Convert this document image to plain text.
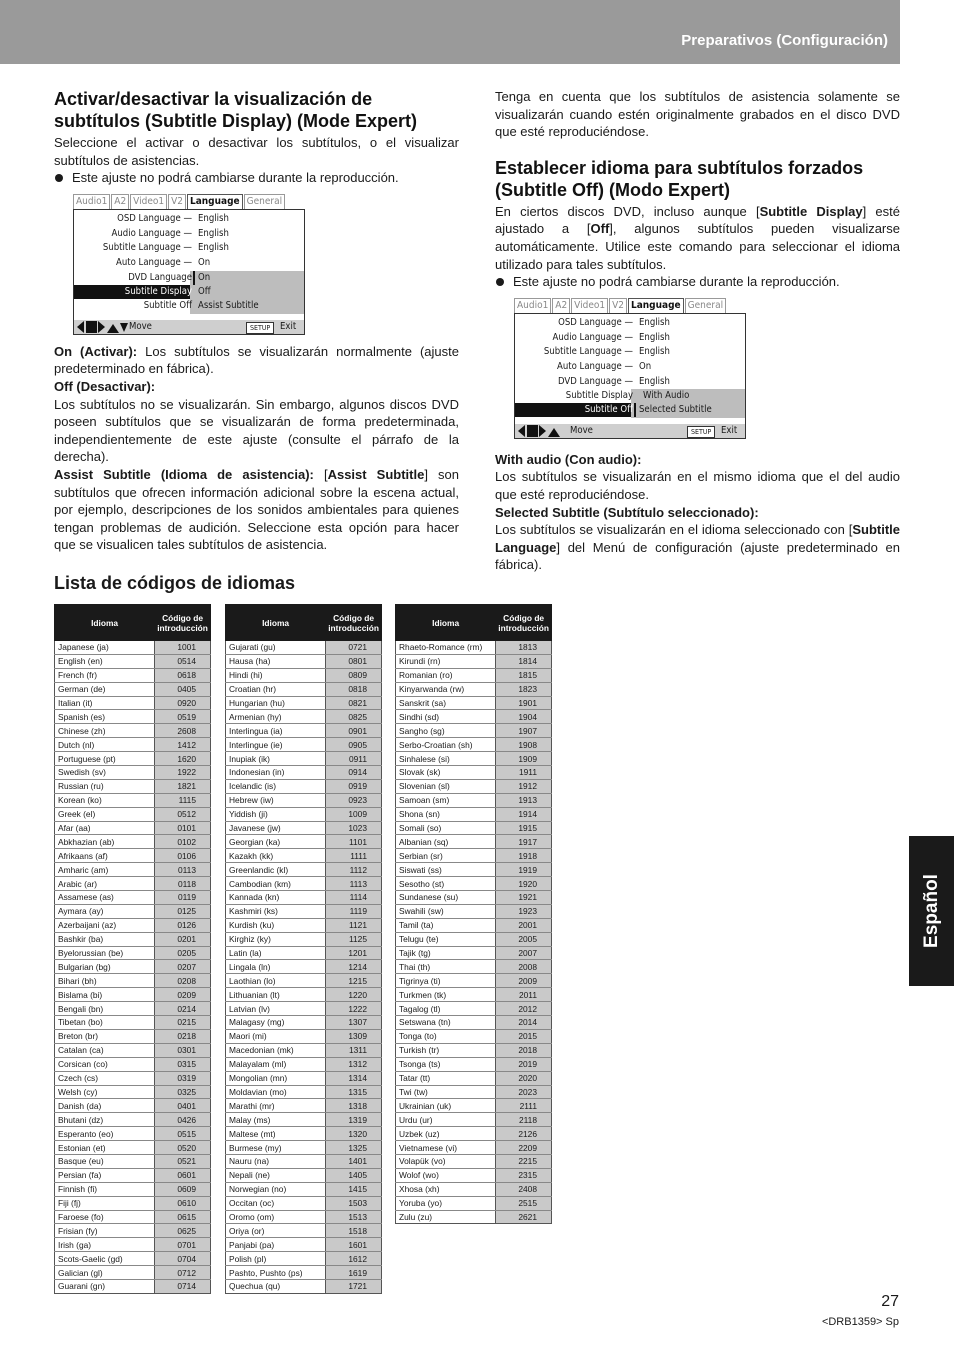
Preparativos (Configuración)
Español
Activar/desactivar la visualización de subtítulos (Subtitle Display) (Mode Expert)

Seleccione el activar o desactivar los subtítulos, o el visualizar subtítulos de asistencias.

Este ajuste no podrá cambiarse durante la reproducción.
Audio1 A2 Video1 V2 Language General
OSD Language — English
Audio Language — English
Subtitle Language — English
Auto Language — On
DVD Language On
Subtitle Display Off
Subtitle Off Assist Subtitle
Move	SETUP	Exit

On (Activar): Los subtítulos se visualizarán normalmente (ajuste predeterminado en fábrica).

Off (Desactivar):

Los subtítulos no se visualizarán. Sin embargo, algunos discos DVD poseen subtítulos que se visualizarán de forma predeterminada, independientemente de este ajuste (consulte el párrafo de la derecha).

Assist Subtitle (Idioma de asistencia): [Assist Subtitle] son subtítulos que ofrecen información adicional sobre la escena actual, por ejemplo, descripciones de los sonidos ambientales para quienes tengan problemas de audición. Seleccione esta opción para hacer que se visualicen tales subtítulos de asistencia.

Tenga en cuenta que los subtítulos de asistencia solamente se visualizarán cuando estén originalmente grabados en el disco DVD que esté reproduciéndose.

Establecer idioma para subtítulos forzados (Subtitle Off) (Modo Expert)

En ciertos discos DVD, incluso aunque [Subtitle Display] esté ajustado a [Off], algunos subtítulos pueden visualizarse automáticamente. Utilice este comando para seleccionar el idioma utilizado para tales subtítulos.

Este ajuste no podrá cambiarse durante la reproducción.
Audio1 A2 Video1 V2 Language General
OSD Language — English
Audio Language — English
Subtitle Language — English
Auto Language — On
DVD Language — English
Subtitle Display With Audio
Subtitle Off Selected Subtitle
Move	SETUP	Exit

With audio (Con audio):

Los subtítulos se visualizarán en el mismo idioma que el del audio que esté reproduciéndose.

Selected Subtitle (Subtítulo seleccionado):

Los subtítulos se visualizarán en el idioma seleccionado con [Subtitle Language] del Menú de configuración (ajuste predeterminado en fábrica).

Lista de códigos de idiomas
Idioma	Código de
introducción
Japanese (ja)	1001
English (en)	0514
French (fr)	0618
German (de)	0405
Italian (it)	0920
Spanish (es)	0519
Chinese (zh)	2608
Dutch (nl)	1412
Portuguese (pt)	1620
Swedish (sv)	1922
Russian (ru)	1821
Korean (ko)	1115
Greek (el)	0512
Afar (aa)	0101
Abkhazian (ab)	0102
Afrikaans (af)	0106
Amharic (am)	0113
Arabic (ar)	0118
Assamese (as)	0119
Aymara (ay)	0125
Azerbaijani (az)	0126
Bashkir (ba)	0201
Byelorussian (be)	0205
Bulgarian (bg)	0207
Bihari (bh)	0208
Bislama (bi)	0209
Bengali (bn)	0214
Tibetan (bo)	0215
Breton (br)	0218
Catalan (ca)	0301
Corsican (co)	0315
Czech (cs)	0319
Welsh (cy)	0325
Danish (da)	0401
Bhutani (dz)	0426
Esperanto (eo)	0515
Estonian (et)	0520
Basque (eu)	0521
Persian (fa)	0601
Finnish (fi)	0609
Fiji (fj)	0610
Faroese (fo)	0615
Frisian (fy)	0625
Irish (ga)	0701
Scots-Gaelic (gd)	0704
Galician (gl)	0712
Guarani (gn)	0714
Idioma	Código de
introducción
Gujarati (gu)	0721
Hausa (ha)	0801
Hindi (hi)	0809
Croatian (hr)	0818
Hungarian (hu)	0821
Armenian (hy)	0825
Interlingua (ia)	0901
Interlingue (ie)	0905
Inupiak (ik)	0911
Indonesian (in)	0914
Icelandic (is)	0919
Hebrew (iw)	0923
Yiddish (ji)	1009
Javanese (jw)	1023
Georgian (ka)	1101
Kazakh (kk)	1111
Greenlandic (kl)	1112
Cambodian (km)	1113
Kannada (kn)	1114
Kashmiri (ks)	1119
Kurdish (ku)	1121
Kirghiz (ky)	1125
Latin (la)	1201
Lingala (ln)	1214
Laothian (lo)	1215
Lithuanian (lt)	1220
Latvian (lv)	1222
Malagasy (mg)	1307
Maori (mi)	1309
Macedonian (mk)	1311
Malayalam (ml)	1312
Mongolian (mn)	1314
Moldavian (mo)	1315
Marathi (mr)	1318
Malay (ms)	1319
Maltese (mt)	1320
Burmese (my)	1325
Nauru (na)	1401
Nepali (ne)	1405
Norwegian (no)	1415
Occitan (oc)	1503
Oromo (om)	1513
Oriya (or)	1518
Panjabi (pa)	1601
Polish (pl)	1612
Pashto, Pushto (ps)	1619
Quechua (qu)	1721
Idioma	Código de
introducción
Rhaeto-Romance (rm)	1813
Kirundi (rn)	1814
Romanian (ro)	1815
Kinyarwanda (rw)	1823
Sanskrit (sa)	1901
Sindhi (sd)	1904
Sangho (sg)	1907
Serbo-Croatian (sh)	1908
Sinhalese (si)	1909
Slovak (sk)	1911
Slovenian (sl)	1912
Samoan (sm)	1913
Shona (sn)	1914
Somali (so)	1915
Albanian (sq)	1917
Serbian (sr)	1918
Siswati (ss)	1919
Sesotho (st)	1920
Sundanese (su)	1921
Swahili (sw)	1923
Tamil (ta)	2001
Telugu (te)	2005
Tajik (tg)	2007
Thai (th)	2008
Tigrinya (ti)	2009
Turkmen (tk)	2011
Tagalog (tl)	2012
Setswana (tn)	2014
Tonga (to)	2015
Turkish (tr)	2018
Tsonga (ts)	2019
Tatar (tt)	2020
Twi (tw)	2023
Ukrainian (uk)	2111
Urdu (ur)	2118
Uzbek (uz)	2126
Vietnamese (vi)	2209
Volapük (vo)	2215
Wolof (wo)	2315
Xhosa (xh)	2408
Yoruba (yo)	2515
Zulu (zu)	2621
27
<DRB1359> Sp
